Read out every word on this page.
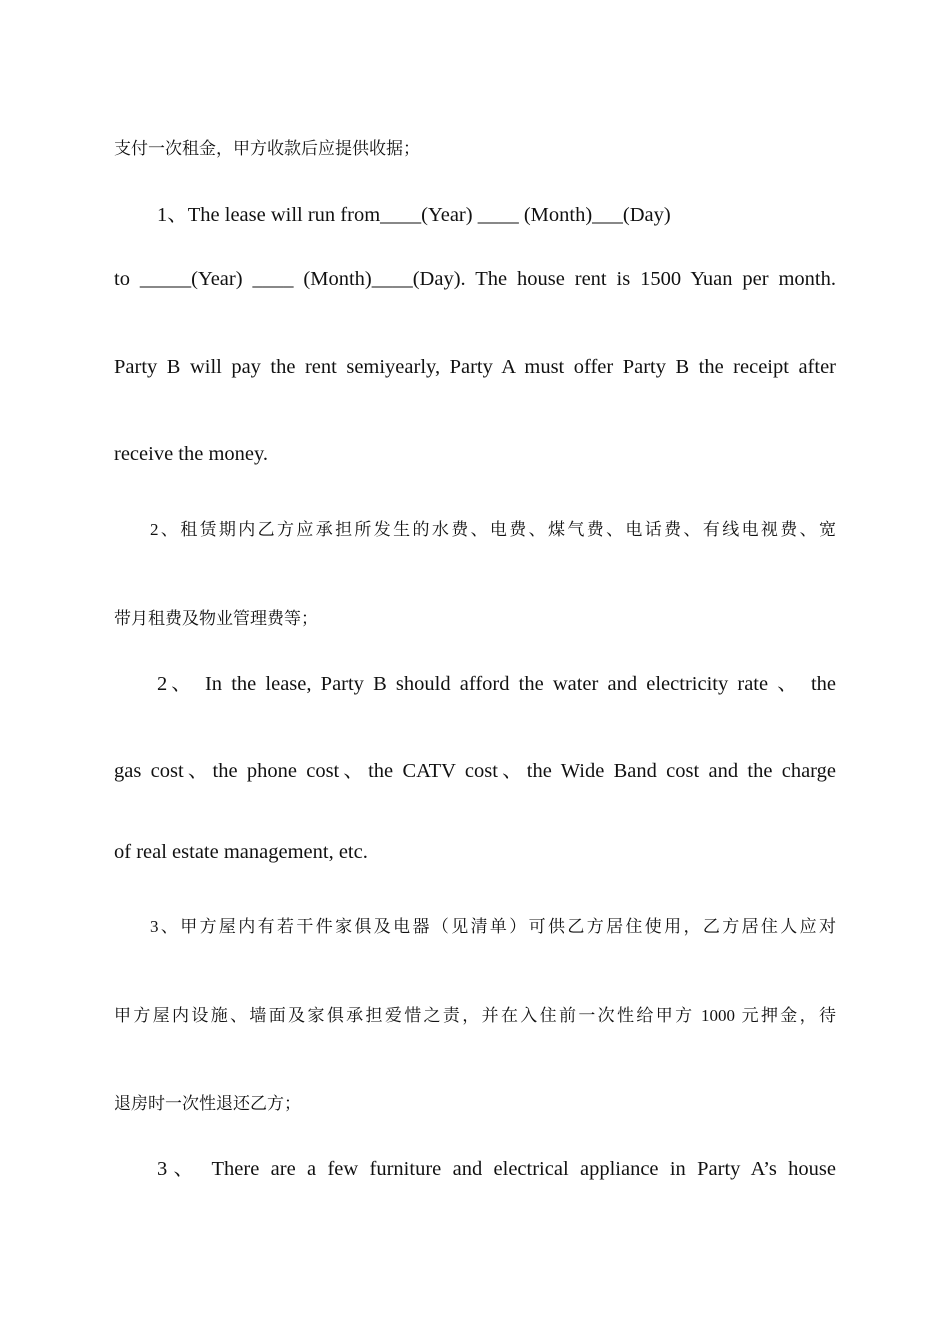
支付一次租金，甲方收款后应提供收据；

1、The lease will run from____(Year) ____ (Month)___(Day)

to _____(Year) ____ (Month)____(Day). The house rent is 1500 Yuan per month.

Party B will pay the rent semiyearly, Party A must offer Party B the receipt after

receive the money.

2、租赁期内乙方应承担所发生的水费、电费、煤气费、电话费、有线电视费、宽

带月租费及物业管理费等；

2、 In the lease, Party B should afford the water and electricity rate 、 the

gas cost、the phone cost、the CATV cost、the Wide Band cost and the charge

of real estate management, etc.

3、甲方屋内有若干件家俱及电器（见清单）可供乙方居住使用，乙方居住人应对

甲方屋内设施、墙面及家俱承担爱惜之责，并在入住前一次性给甲方 1000 元押金，待

退房时一次性退还乙方；

3、 There are a few furniture and electrical appliance in Party A’s house
